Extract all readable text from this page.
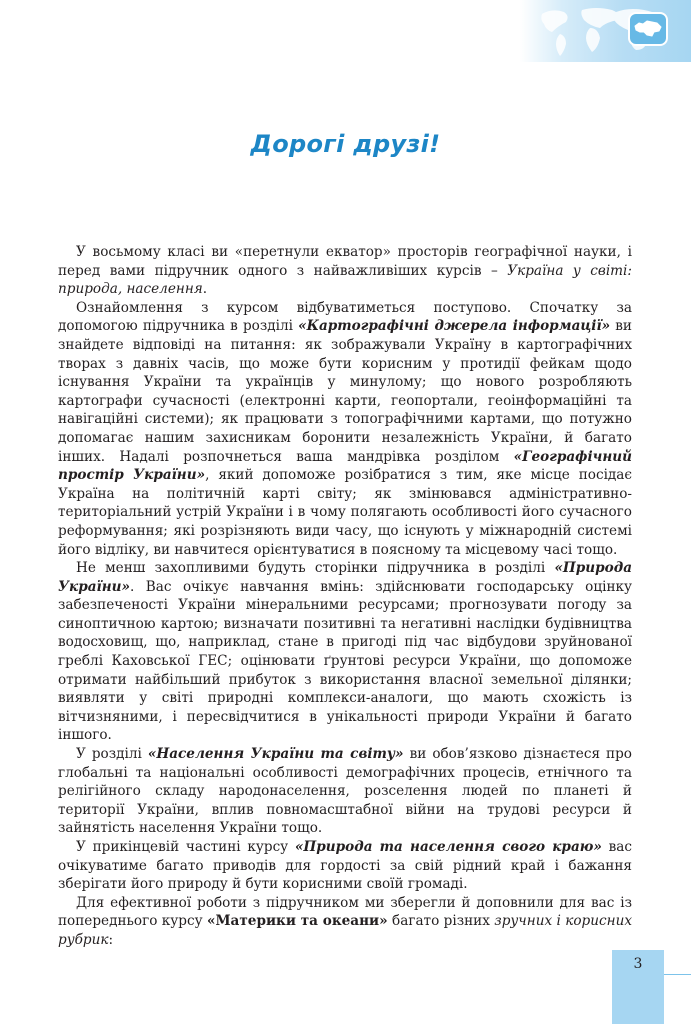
Дорогі друзі!

У восьмому класі ви «перетнули екватор» просторів географічної науки, і перед вами підручник одного з найважливіших курсів – Україна у світі: природа, населення.

Ознайомлення з курсом відбуватиметься поступово. Спочатку за допомогою підручника в розділі «Картографічні джерела інформації» ви знайдете відповіді на питання: як зображували Україну в картографічних творах з давніх часів, що може бути корисним у протидії фейкам щодо існування України та українців у минулому; що нового розробляють картографи сучасності (електронні карти, геопортали, геоінформаційні та навігаційні системи); як працювати з топографічними картами, що потужно допомагає нашим захисникам боронити незалежність України, й багато інших. Надалі розпочнеться ваша мандрівка розділом «Географічний простір України», який допоможе розібратися з тим, яке місце посідає Україна на політичній карті світу; як змінювався адміністративно-територіальний устрій України і в чому полягають особливості його сучасного реформування; які розрізняють види часу, що існують у міжнародній системі його відліку, ви навчитеся орієнтуватися в поясному та місцевому часі тощо.

Не менш захопливими будуть сторінки підручника в розділі «Природа України». Вас очікує навчання вмінь: здійснювати господарську оцінку забезпеченості України мінеральними ресурсами; прогнозувати погоду за синоптичною картою; визначати позитивні та негативні наслідки будівництва водосховищ, що, наприклад, стане в пригоді під час відбудови зруйнованої греблі Каховської ГЕС; оцінювати ґрунтові ресурси України, що допоможе отримати найбільший прибуток з використання власної земельної ділянки; виявляти у світі природні комплекси-аналоги, що мають схожість із вітчизняними, і пересвідчитися в унікальності природи України й багато іншого.

У розділі «Населення України та світу» ви обов’язково дізнаєтеся про глобальні та національні особливості демографічних процесів, етнічного та релігійного складу народонаселення, розселення людей по планеті й території України, вплив повномасштабної війни на трудові ресурси й зайнятість населення України тощо.

У прикінцевій частині курсу «Природа та населення свого краю» вас очікуватиме багато приводів для гордості за свій рідний край і бажання зберігати його природу й бути корисними своїй громаді.

Для ефективної роботи з підручником ми зберегли й доповнили для вас із попереднього курсу «Материки та океани» багато різних зручних і корисних рубрик:

3
